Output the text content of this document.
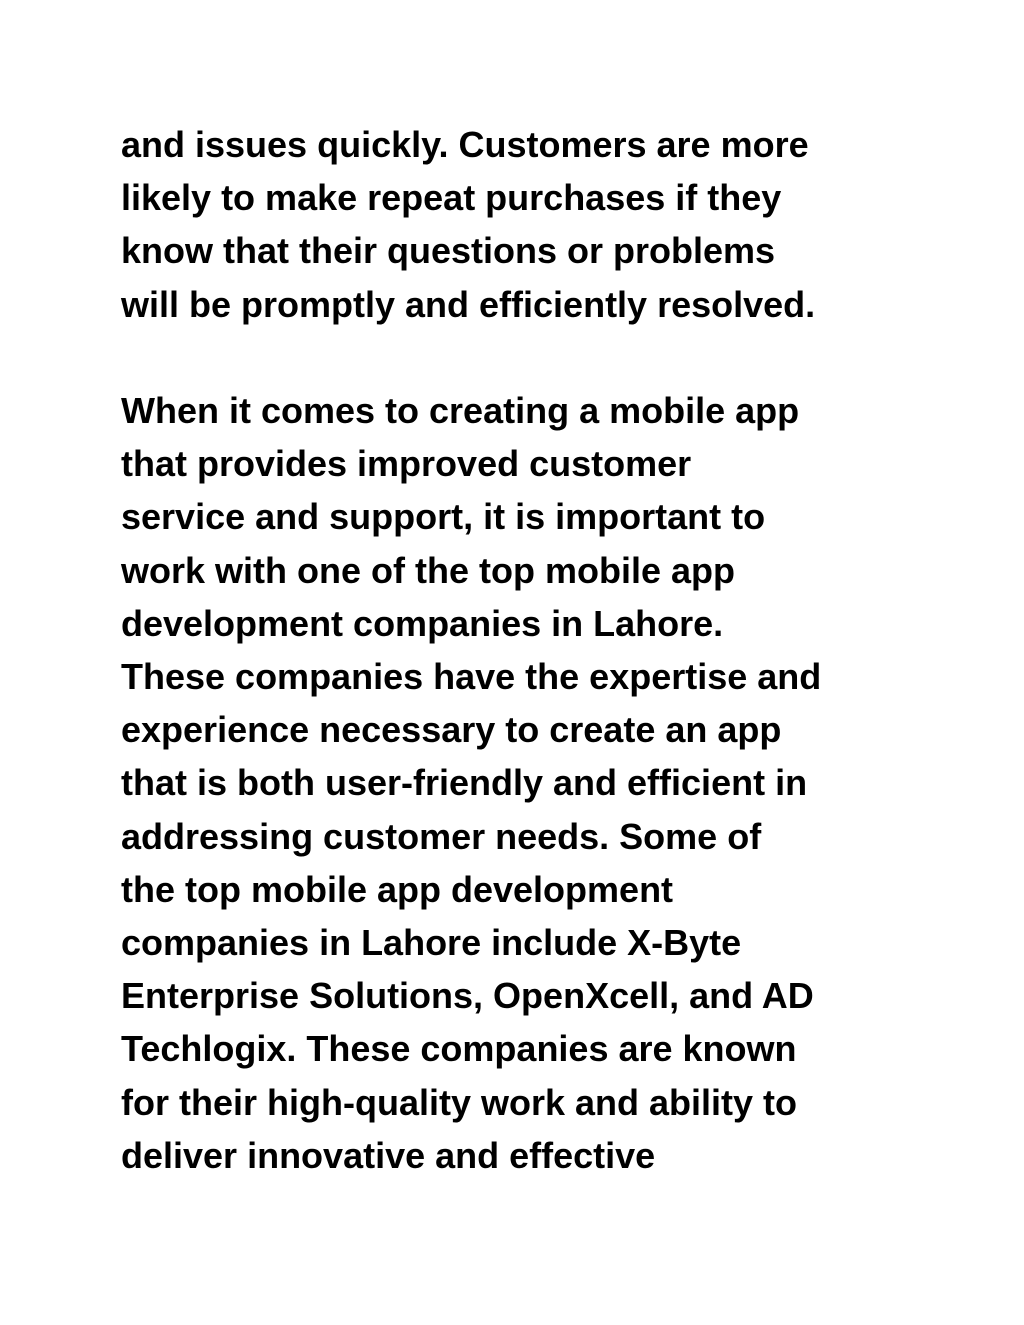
and issues quickly. Customers are more
likely to make repeat purchases if they
know that their questions or problems
will be promptly and efficiently resolved.

When it comes to creating a mobile app
that provides improved customer
service and support, it is important to
work with one of the top mobile app
development companies in Lahore.
These companies have the expertise and
experience necessary to create an app
that is both user-friendly and efficient in
addressing customer needs. Some of
the top mobile app development
companies in Lahore include X-Byte
Enterprise Solutions, OpenXcell, and AD
Techlogix. These companies are known
for their high-quality work and ability to
deliver innovative and effective
